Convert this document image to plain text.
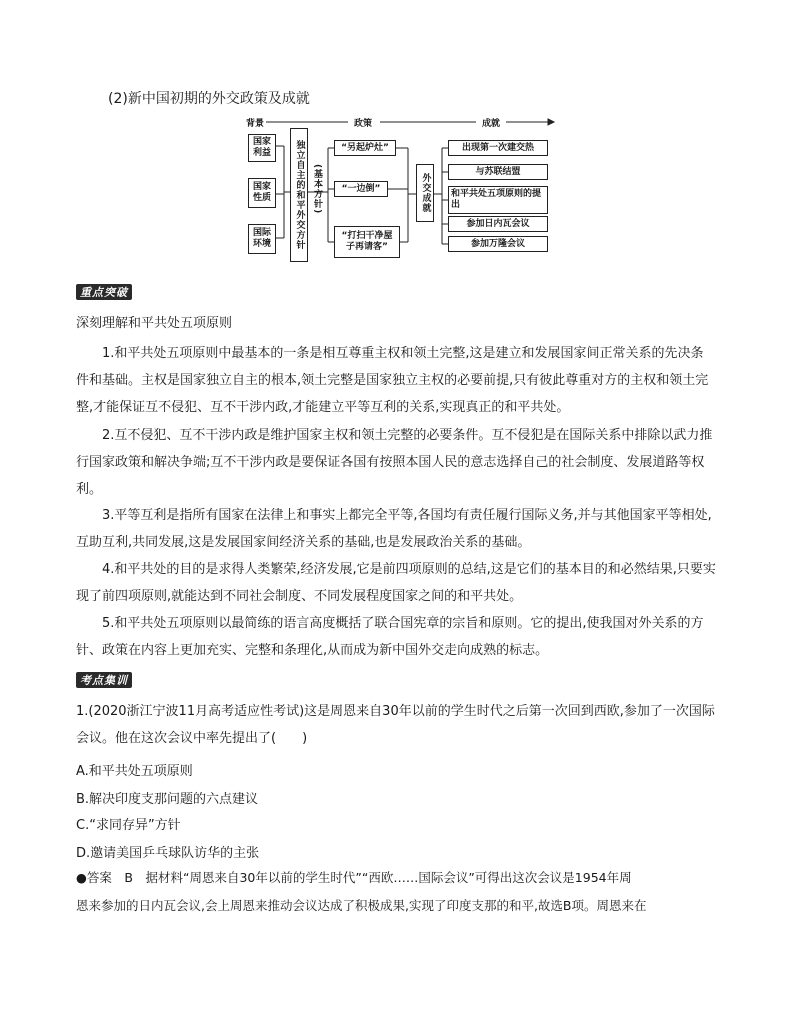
(2)新中国初期的外交政策及成就
背景	政策	成就
国家利益
国家性质
国际环境	独立自主的和平外交方针 (基本方针)
“另起炉灶”
“一边倒”
“打扫干净屋子再请客”
外交成就
出现第一次建交热
与苏联结盟
和平共处五项原则的提出
参加日内瓦会议
参加万隆会议
重点突破
深刻理解和平共处五项原则
1.和平共处五项原则中最基本的一条是相互尊重主权和领土完整,这是建立和发展国家间正常关系的先决条件和基础。主权是国家独立自主的根本,领土完整是国家独立主权的必要前提,只有彼此尊重对方的主权和领土完整,才能保证互不侵犯、互不干涉内政,才能建立平等互利的关系,实现真正的和平共处。
2.互不侵犯、互不干涉内政是维护国家主权和领土完整的必要条件。互不侵犯是在国际关系中排除以武力推行国家政策和解决争端;互不干涉内政是要保证各国有按照本国人民的意志选择自己的社会制度、发展道路等权利。
3.平等互利是指所有国家在法律上和事实上都完全平等,各国均有责任履行国际义务,并与其他国家平等相处,互助互利,共同发展,这是发展国家间经济关系的基础,也是发展政治关系的基础。
4.和平共处的目的是求得人类繁荣,经济发展,它是前四项原则的总结,这是它们的基本目的和必然结果,只要实现了前四项原则,就能达到不同社会制度、不同发展程度国家之间的和平共处。
5.和平共处五项原则以最简练的语言高度概括了联合国宪章的宗旨和原则。它的提出,使我国对外关系的方针、政策在内容上更加充实、完整和条理化,从而成为新中国外交走向成熟的标志。
考点集训
1.(2020浙江宁波11月高考适应性考试)这是周恩来自30年以前的学生时代之后第一次回到西欧,参加了一次国际会议。他在这次会议中率先提出了(　　)
A.和平共处五项原则
B.解决印度支那问题的六点建议
C.“求同存异”方针
D.邀请美国乒乓球队访华的主张
●答案　B　据材料“周恩来自30年以前的学生时代”“西欧……国际会议”可得出这次会议是1954年周
恩来参加的日内瓦会议,会上周恩来推动会议达成了积极成果,实现了印度支那的和平,故选B项。周恩来在
